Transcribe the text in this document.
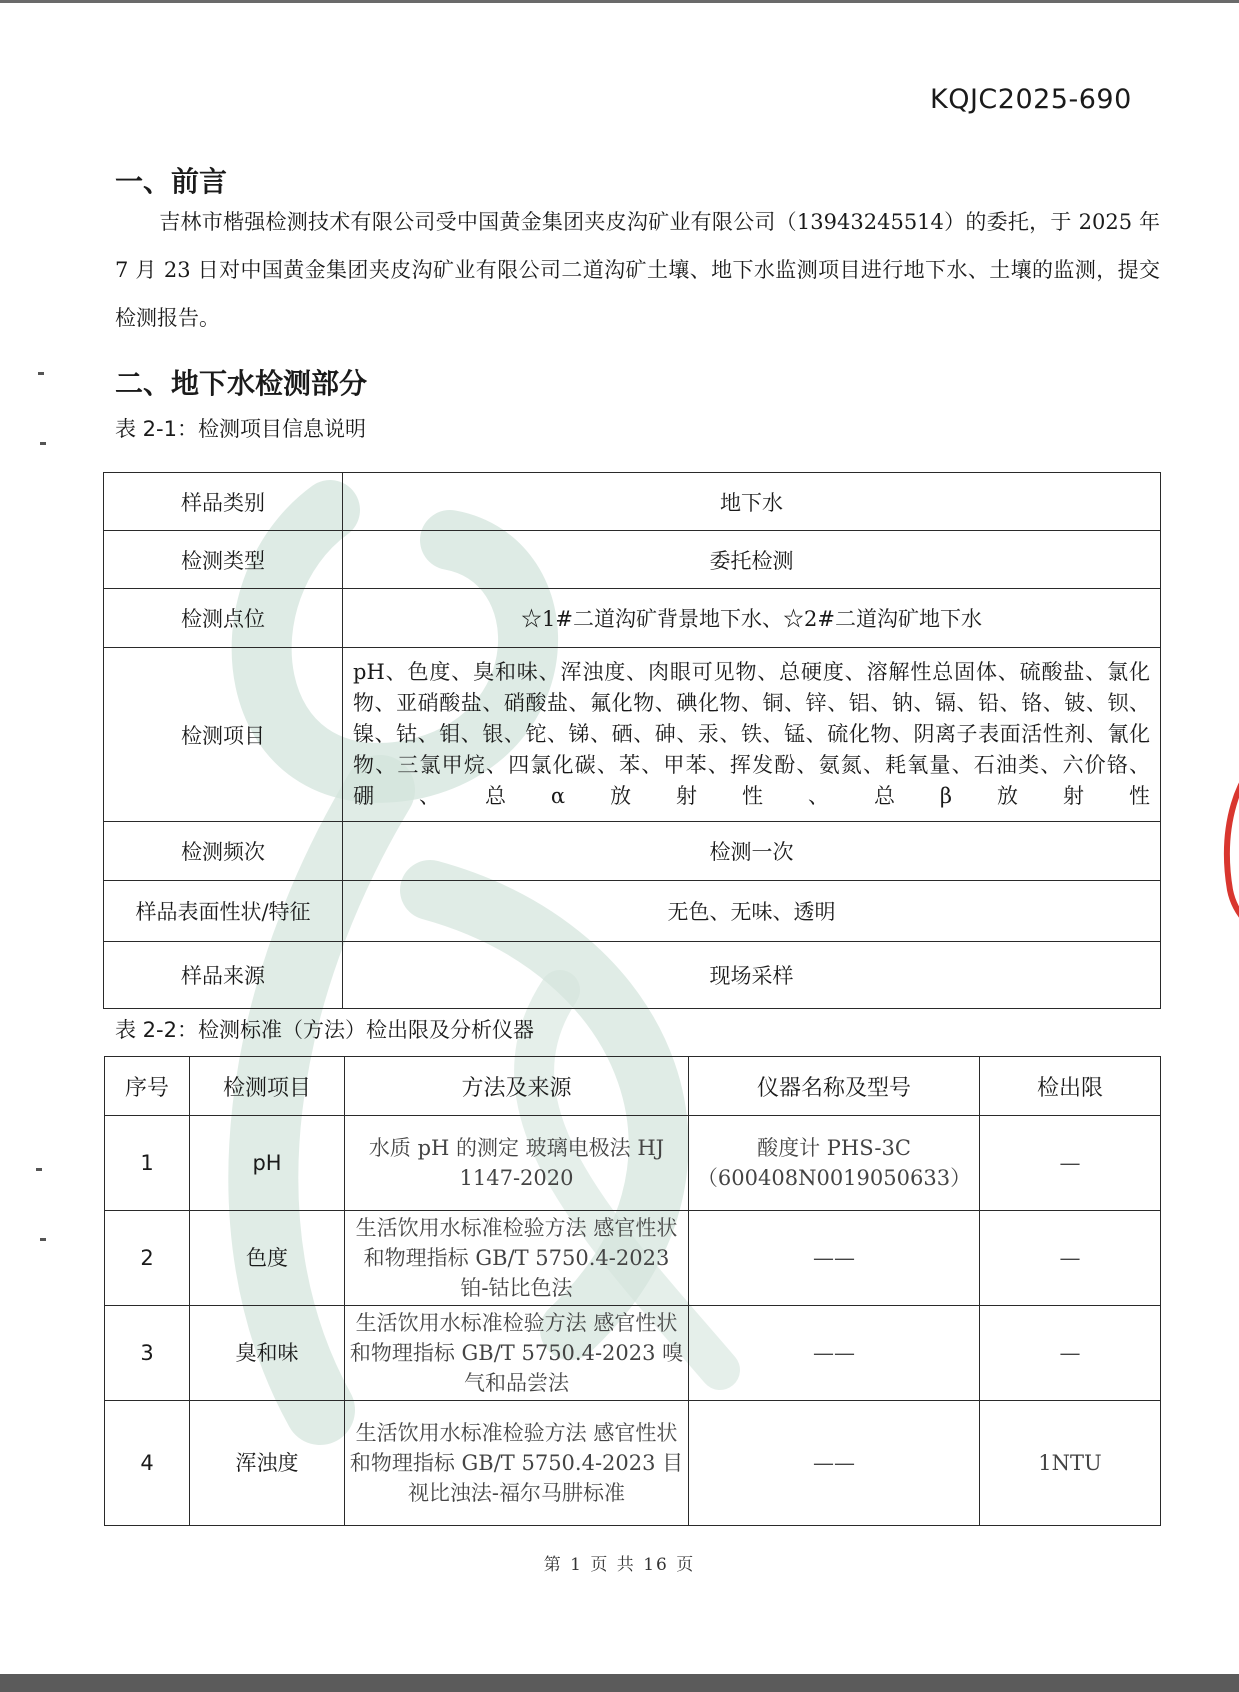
KQJC2025-690
一、前言
吉林市楷强检测技术有限公司受中国黄金集团夹皮沟矿业有限公司（13943245514）的委托，于 2025 年 7 月 23 日对中国黄金集团夹皮沟矿业有限公司二道沟矿土壤、地下水监测项目进行地下水、土壤的监测，提交检测报告。
二、地下水检测部分
表 2-1：检测项目信息说明
样品类别	地下水
检测类型	委托检测
检测点位	☆1#二道沟矿背景地下水、☆2#二道沟矿地下水
检测项目	pH、色度、臭和味、浑浊度、肉眼可见物、总硬度、溶解性总固体、硫酸盐、氯化物、亚硝酸盐、硝酸盐、氟化物、碘化物、铜、锌、铝、钠、镉、铅、铬、铍、钡、镍、钴、钼、银、铊、锑、硒、砷、汞、铁、锰、硫化物、阴离子表面活性剂、氰化物、三氯甲烷、四氯化碳、苯、甲苯、挥发酚、氨氮、耗氧量、石油类、六价铬、硼、总α放射性、总β放射性
检测频次	检测一次
样品表面性状/特征	无色、无味、透明
样品来源	现场采样
表 2-2：检测标准（方法）检出限及分析仪器
序号	检测项目	方法及来源	仪器名称及型号	检出限
1	pH	水质 pH 的测定 玻璃电极法 HJ 1147-2020	酸度计 PHS-3C （600408N0019050633）	—
2	色度	生活饮用水标准检验方法 感官性状和物理指标 GB/T 5750.4-2023 铂-钴比色法	——	—
3	臭和味	生活饮用水标准检验方法 感官性状和物理指标 GB/T 5750.4-2023 嗅气和品尝法	——	—
4	浑浊度	生活饮用水标准检验方法 感官性状和物理指标 GB/T 5750.4-2023 目视比浊法-福尔马肼标准	——	1NTU
第 1 页 共 16 页
